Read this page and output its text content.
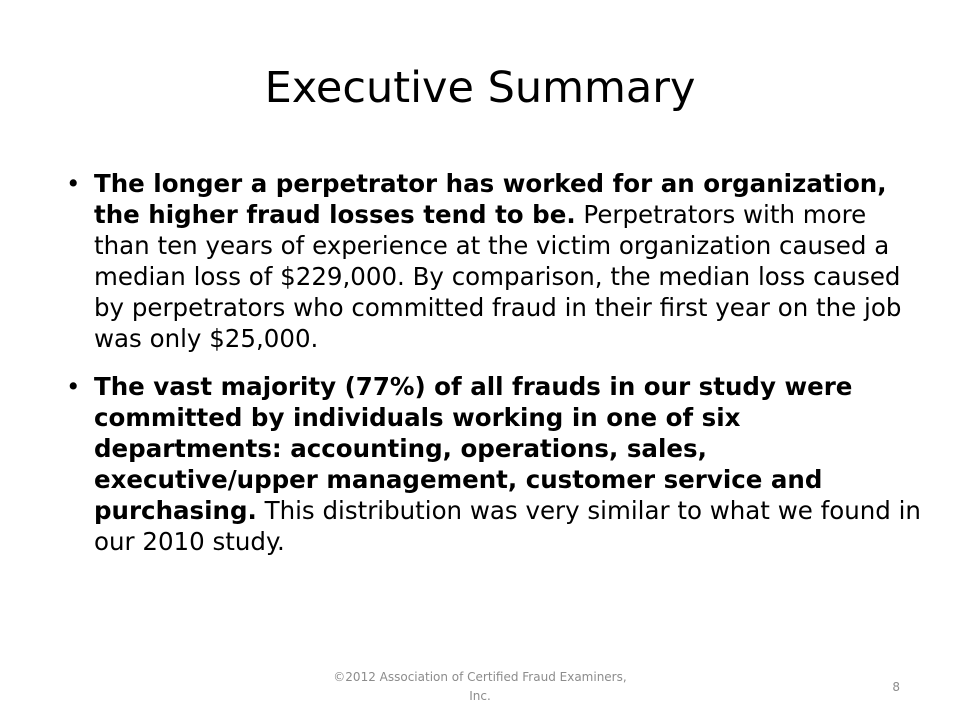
Executive Summary
• The longer a perpetrator has worked for an organization, the higher fraud losses tend to be. Perpetrators with more than ten years of experience at the victim organization caused a median loss of $229,000. By comparison, the median loss caused by perpetrators who committed fraud in their first year on the job was only $25,000.
• The vast majority (77%) of all frauds in our study were committed by individuals working in one of six departments: accounting, operations, sales, executive/upper management, customer service and purchasing. This distribution was very similar to what we found in our 2010 study.
©2012 Association of Certified Fraud Examiners, Inc.
8
